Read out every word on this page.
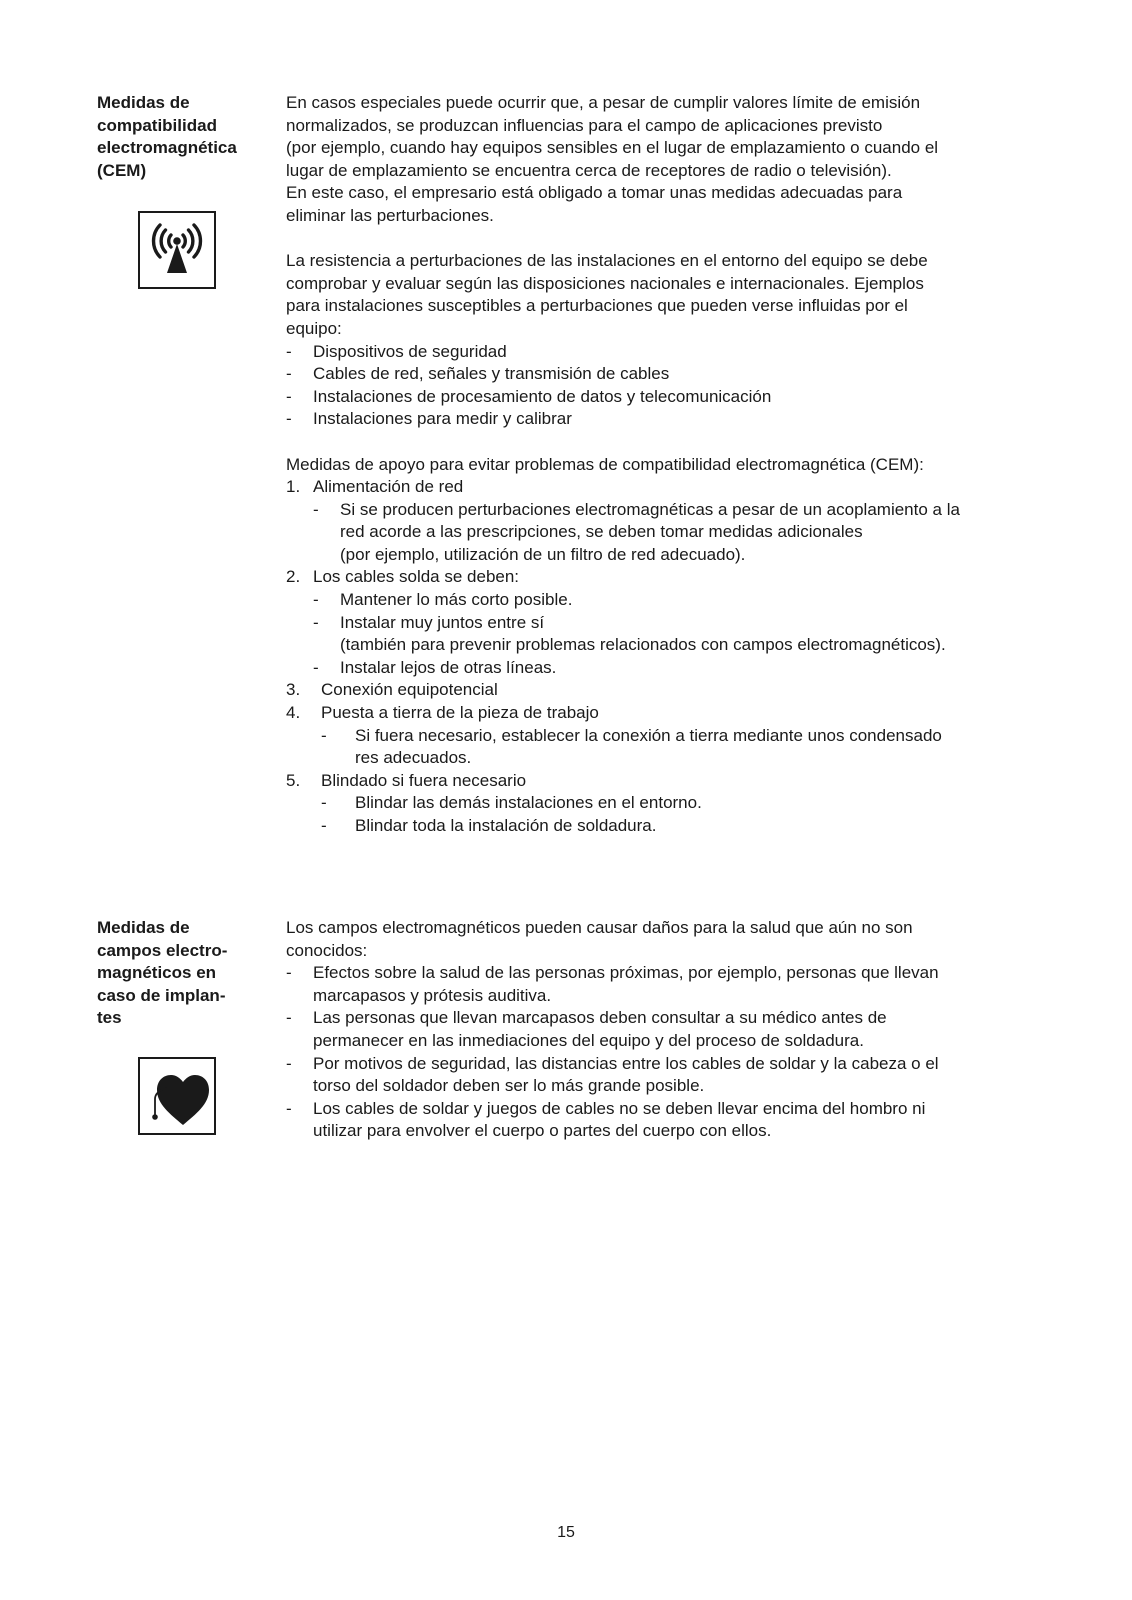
Medidas de
compatibilidad
electromagnética
(CEM)
En casos especiales puede ocurrir que, a pesar de cumplir valores límite de emisión
normalizados, se produzcan influencias para el campo de aplicaciones previsto
(por ejemplo, cuando hay equipos sensibles en el lugar de emplazamiento o cuando el
lugar de emplazamiento se encuentra cerca de receptores de radio o televisión).
En este caso, el empresario está obligado a tomar unas medidas adecuadas para
eliminar las perturbaciones.
La resistencia a perturbaciones de las instalaciones en el entorno del equipo se debe
comprobar y evaluar según las disposiciones nacionales e internacionales. Ejemplos
para instalaciones susceptibles a perturbaciones que pueden verse influidas por el
equipo:
- Dispositivos de seguridad
- Cables de red, señales y transmisión de cables
- Instalaciones de procesamiento de datos y telecomunicación
- Instalaciones para medir y calibrar
Medidas de apoyo para evitar problemas de compatibilidad electromagnética (CEM):
1. Alimentación de red
- Si se producen perturbaciones electromagnéticas a pesar de un acoplamiento a la
red acorde a las prescripciones, se deben tomar medidas adicionales
(por ejemplo, utilización de un filtro de red adecuado).
2. Los cables solda se deben:
- Mantener lo más corto posible.
- Instalar muy juntos entre sí
(también para prevenir problemas relacionados con campos electromagnéticos).
- Instalar lejos de otras líneas.
3. Conexión equipotencial
4. Puesta a tierra de la pieza de trabajo
- Si fuera necesario, establecer la conexión a tierra mediante unos condensado
res adecuados.
5. Blindado si fuera necesario
- Blindar las demás instalaciones en el entorno.
- Blindar toda la instalación de soldadura.
Medidas de
campos electro-
magnéticos en
caso de implan-
tes
Los campos electromagnéticos pueden causar daños para la salud que aún no son
conocidos:
- Efectos sobre la salud de las personas próximas, por ejemplo, personas que llevan
marcapasos y prótesis auditiva.
- Las personas que llevan marcapasos deben consultar a su médico antes de
permanecer en las inmediaciones del equipo y del proceso de soldadura.
- Por motivos de seguridad, las distancias entre los cables de soldar y la cabeza o el
torso del soldador deben ser lo más grande posible.
- Los cables de soldar y juegos de cables no se deben llevar encima del hombro ni
utilizar para envolver el cuerpo o partes del cuerpo con ellos.
15
